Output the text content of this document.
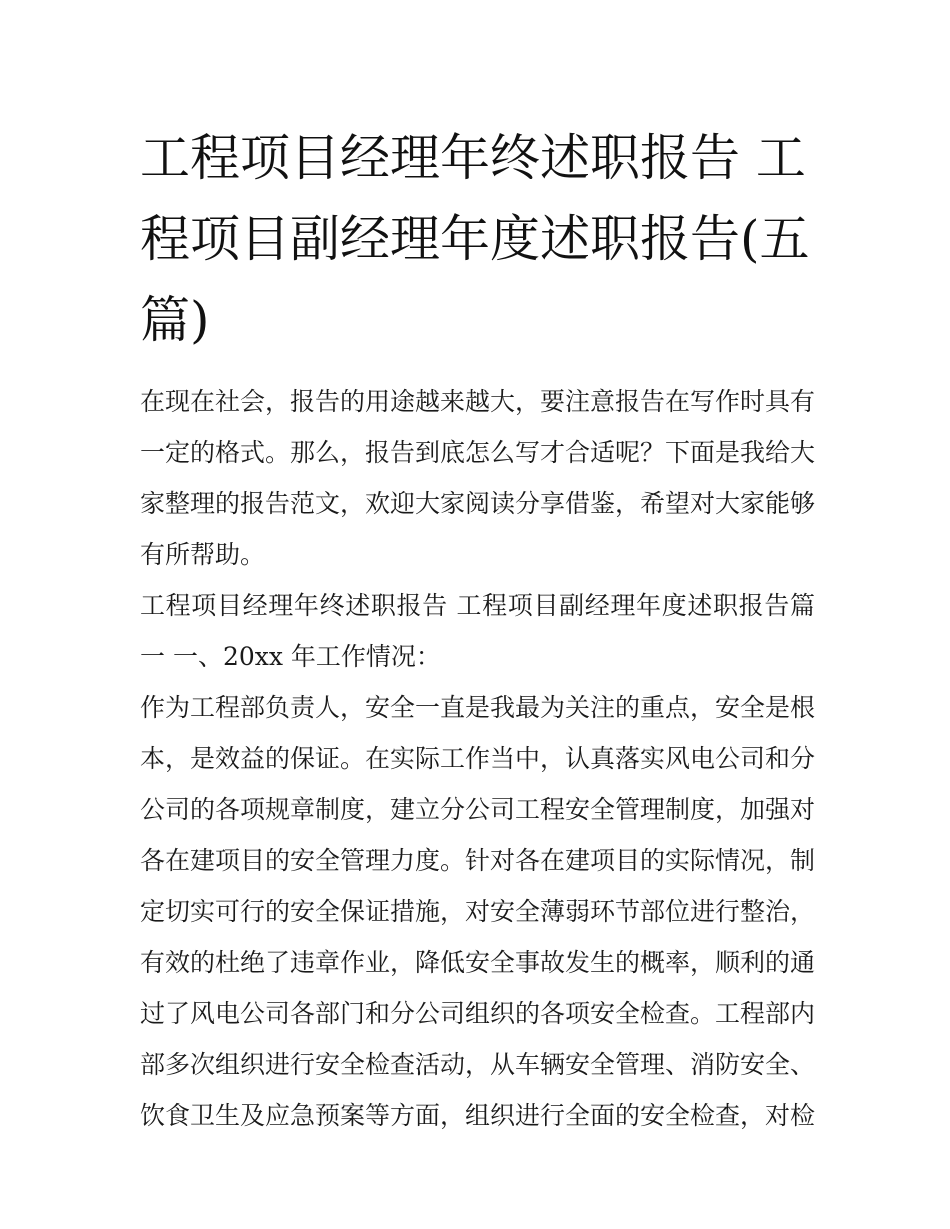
工程项目经理年终述职报告 工程项目副经理年度述职报告(五篇)

在现在社会，报告的用途越来越大，要注意报告在写作时具有一定的格式。那么，报告到底怎么写才合适呢？下面是我给大家整理的报告范文，欢迎大家阅读分享借鉴，希望对大家能够有所帮助。

工程项目经理年终述职报告 工程项目副经理年度述职报告篇一 一、20xx 年工作情况：

作为工程部负责人，安全一直是我最为关注的重点，安全是根本，是效益的保证。在实际工作当中，认真落实风电公司和分公司的各项规章制度，建立分公司工程安全管理制度，加强对各在建项目的安全管理力度。针对各在建项目的实际情况，制定切实可行的安全保证措施，对安全薄弱环节部位进行整治，有效的杜绝了违章作业，降低安全事故发生的概率，顺利的通过了风电公司各部门和分公司组织的各项安全检查。工程部内部多次组织进行安全检查活动，从车辆安全管理、消防安全、饮食卫生及应急预案等方面，组织进行全面的安全检查，对检
